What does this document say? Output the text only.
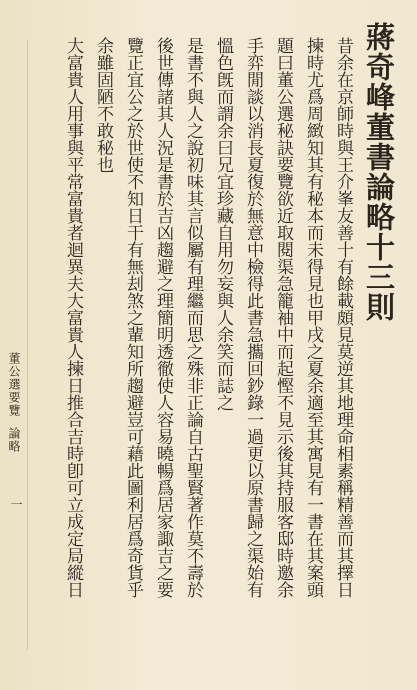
蔣奇峰董書論略十三則
昔余在京師時與王介峯友善十有餘載頗見莫逆其地理命相素稱精善而其擇日
揀時尤爲周緻知其有秘本而未得見也甲戌之夏余適至其寓見有一書在其案頭
題曰董公選秘訣要覽欲近取閱渠急籠袖中而起慳不見示後其持服客邸時邀余
手弈閒談以消長夏復於無意中檢得此書急攜回鈔錄一過更以原書歸之渠始有
慍色旣而謂余曰兄宜珍藏自用勿妄與人余笑而誌之
是書不與人之說初味其言似屬有理繼而思之殊非正論自古聖賢著作莫不壽於
後世傳諸其人況是書於吉凶趨避之理簡明透徹使人容易曉暢爲居家諏吉之要
覽正宜公之於世使不知日干有無刦煞之輩知所趨避豈可藉此圖利居爲奇貨乎
余雖固陋不敢秘也
大富貴人用事與平常富貴者迴異夫大富貴人揀日推合吉時卽可立成定局縱日
董公選要覽論略
一
